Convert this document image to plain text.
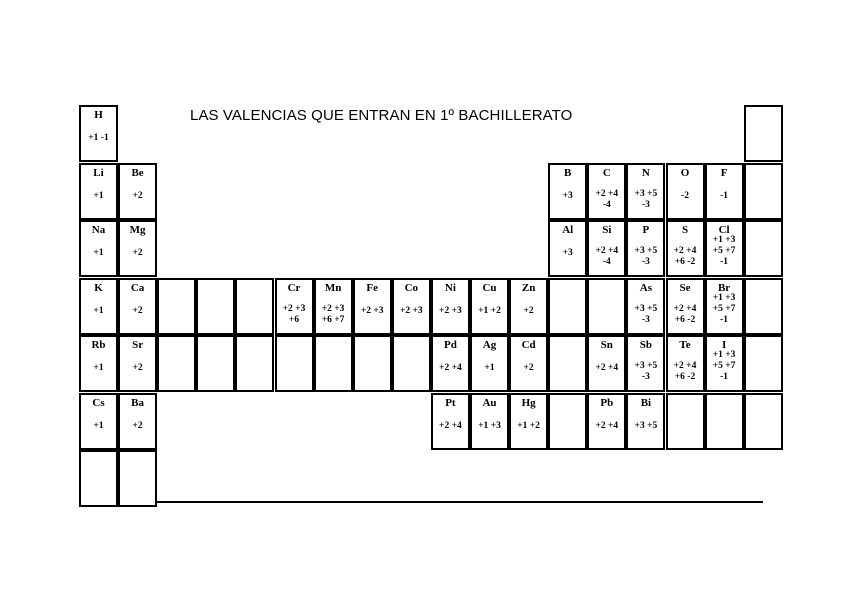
LAS VALENCIAS QUE ENTRAN EN 1º BACHILLERATO
H
+1 -1
Li
+1
Be
+2
Na
+1
Mg
+2
K
+1
Ca
+2
Rb
+1
Sr
+2
Cs
+1
Ba
+2
Cr
+2 +3
+6
Mn
+2 +3
+6 +7
Fe
+2 +3
Co
+2 +3
Ni
+2 +3
Cu
+1 +2
Zn
+2
Pd
+2 +4
Ag
+1
Cd
+2
Pt
+2 +4
Au
+1 +3
Hg
+1 +2
B
+3
C
+2 +4
-4
N
+3 +5
-3
O
-2
F
-1
Al
+3
Si
+2 +4
-4
P
+3 +5
-3
S
+2 +4
+6 -2
Cl
+1 +3
+5 +7
-1
As
+3 +5
-3
Se
+2 +4
+6 -2
Br
+1 +3
+5 +7
-1
Sn
+2 +4
Sb
+3 +5
-3
Te
+2 +4
+6 -2
I
+1 +3
+5 +7
-1
Pb
+2 +4
Bi
+3 +5
